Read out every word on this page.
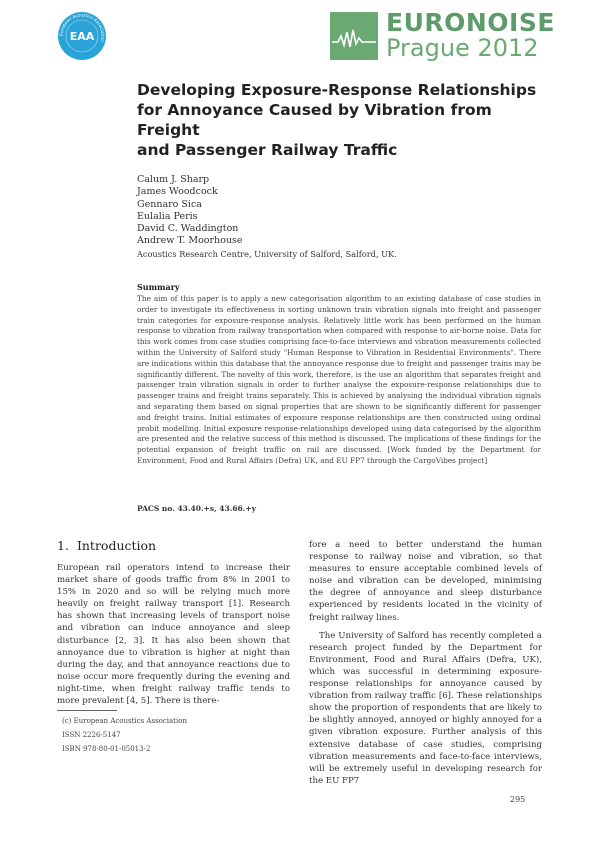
European Acoustics Association
EAA	EURONOISE
Prague 2012
Developing Exposure-Response Relationships
for Annoyance Caused by Vibration from Freight
and Passenger Railway Traffic
Calum J. Sharp
James Woodcock
Gennaro Sica
Eulalia Peris
David C. Waddington
Andrew T. Moorhouse
Acoustics Research Centre, University of Salford, Salford, UK.
Summary

The aim of this paper is to apply a new categorisation algorithm to an existing database of case studies in order to investigate its effectiveness in sorting unknown train vibration signals into freight and passenger train categories for exposure-response analysis. Relatively little work has been performed on the human response to vibration from railway transportation when compared with response to air-borne noise. Data for this work comes from case studies comprising face-to-face interviews and vibration measurements collected within the University of Salford study "Human Response to Vibration in Residential Environments". There are indications within this database that the annoyance response due to freight and passenger trains may be significantly different. The novelty of this work, therefore, is the use an algorithm that separates freight and passenger train vibration signals in order to further analyse the exposure-response relationships due to passenger trains and freight trains separately. This is achieved by analysing the individual vibration signals and separating them based on signal properties that are shown to be significantly different for passenger and freight trains. Initial estimates of exposure response relationships are then constructed using ordinal probit modelling. Initial exposure response-relationships developed using data categorised by the algorithm are presented and the relative success of this method is discussed. The implications of these findings for the potential expansion of freight traffic on rail are discussed. [Work funded by the Department for Environment, Food and Rural Affairs (Defra) UK, and EU FP7 through the CargoVibes project]

PACS no. 43.40.+s, 43.66.+y
1. Introduction

European rail operators intend to increase their market share of goods traffic from 8% in 2001 to 15% in 2020 and so will be relying much more heavily on freight railway transport [1]. Research has shown that increasing levels of transport noise and vibration can induce annoyance and sleep disturbance [2, 3]. It has also been shown that annoyance due to vibration is higher at night than during the day, and that annoyance reactions due to noise occur more frequently during the evening and night-time, when freight railway traffic tends to more prevalent [4, 5]. There is there-

fore a need to better understand the human response to railway noise and vibration, so that measures to ensure acceptable combined levels of noise and vibration can be developed, minimising the degree of annoyance and sleep disturbance experienced by residents located in the vicinity of freight railway lines.

The University of Salford has recently completed a research project funded by the Department for Environment, Food and Rural Affairs (Defra, UK), which was successful in determining exposure-response relationships for annoyance caused by vibration from railway traffic [6]. These relationships show the proportion of respondents that are likely to be slightly annoyed, annoyed or highly annoyed for a given vibration exposure. Further analysis of this extensive database of case studies, comprising vibration measurements and face-to-face interviews, will be extremely useful in developing research for the EU FP7

(c) European Acoustics Association
ISSN 2226-5147
ISBN 978-80-01-05013-2
295
